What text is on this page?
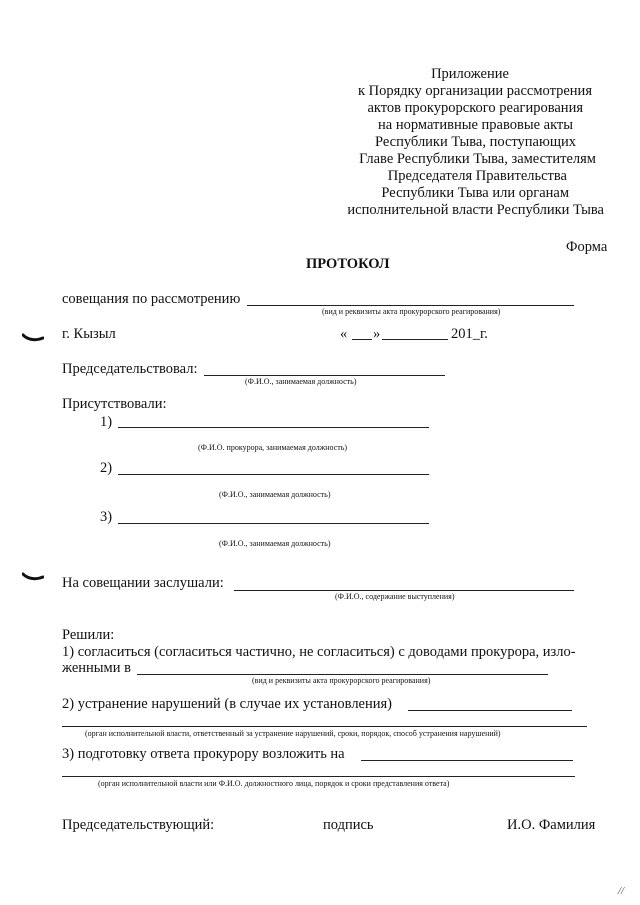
Приложение
к Порядку организации рассмотрения
актов прокурорского реагирования
на нормативные правовые акты
Республики Тыва, поступающих
Главе Республики Тыва, заместителям
Председателя Правительства
Республики Тыва или органам
исполнительной власти Республики Тыва
Форма
ПРОТОКОЛ
совещания по рассмотрению
(вид и реквизиты акта прокурорского реагирования)
г. Кызыл	« »	201_г.
Председательствовал:
(Ф.И.О., занимаемая должность)
Присутствовали:
1)
(Ф.И.О. прокурора, занимаемая должность)
2)
(Ф.И.О., занимаемая должность)
3)
(Ф.И.О., занимаемая должность)
На совещании заслушали:
(Ф.И.О., содержание выступления)
Решили:
1) согласиться (согласиться частично, не согласиться) с доводами прокурора, изло-
женными в
(вид и реквизиты акта прокурорского реагирования)
2) устранение нарушений (в случае их установления)
(орган исполнительной власти, ответственный за устранение нарушений, сроки, порядок, способ устранения нарушений)
3) подготовку ответа прокурору возложить на
(орган исполнительной власти или Ф.И.О. должностного лица, порядок и сроки представления ответа)
Председательствующий:	подпись	И.О. Фамилия
//
